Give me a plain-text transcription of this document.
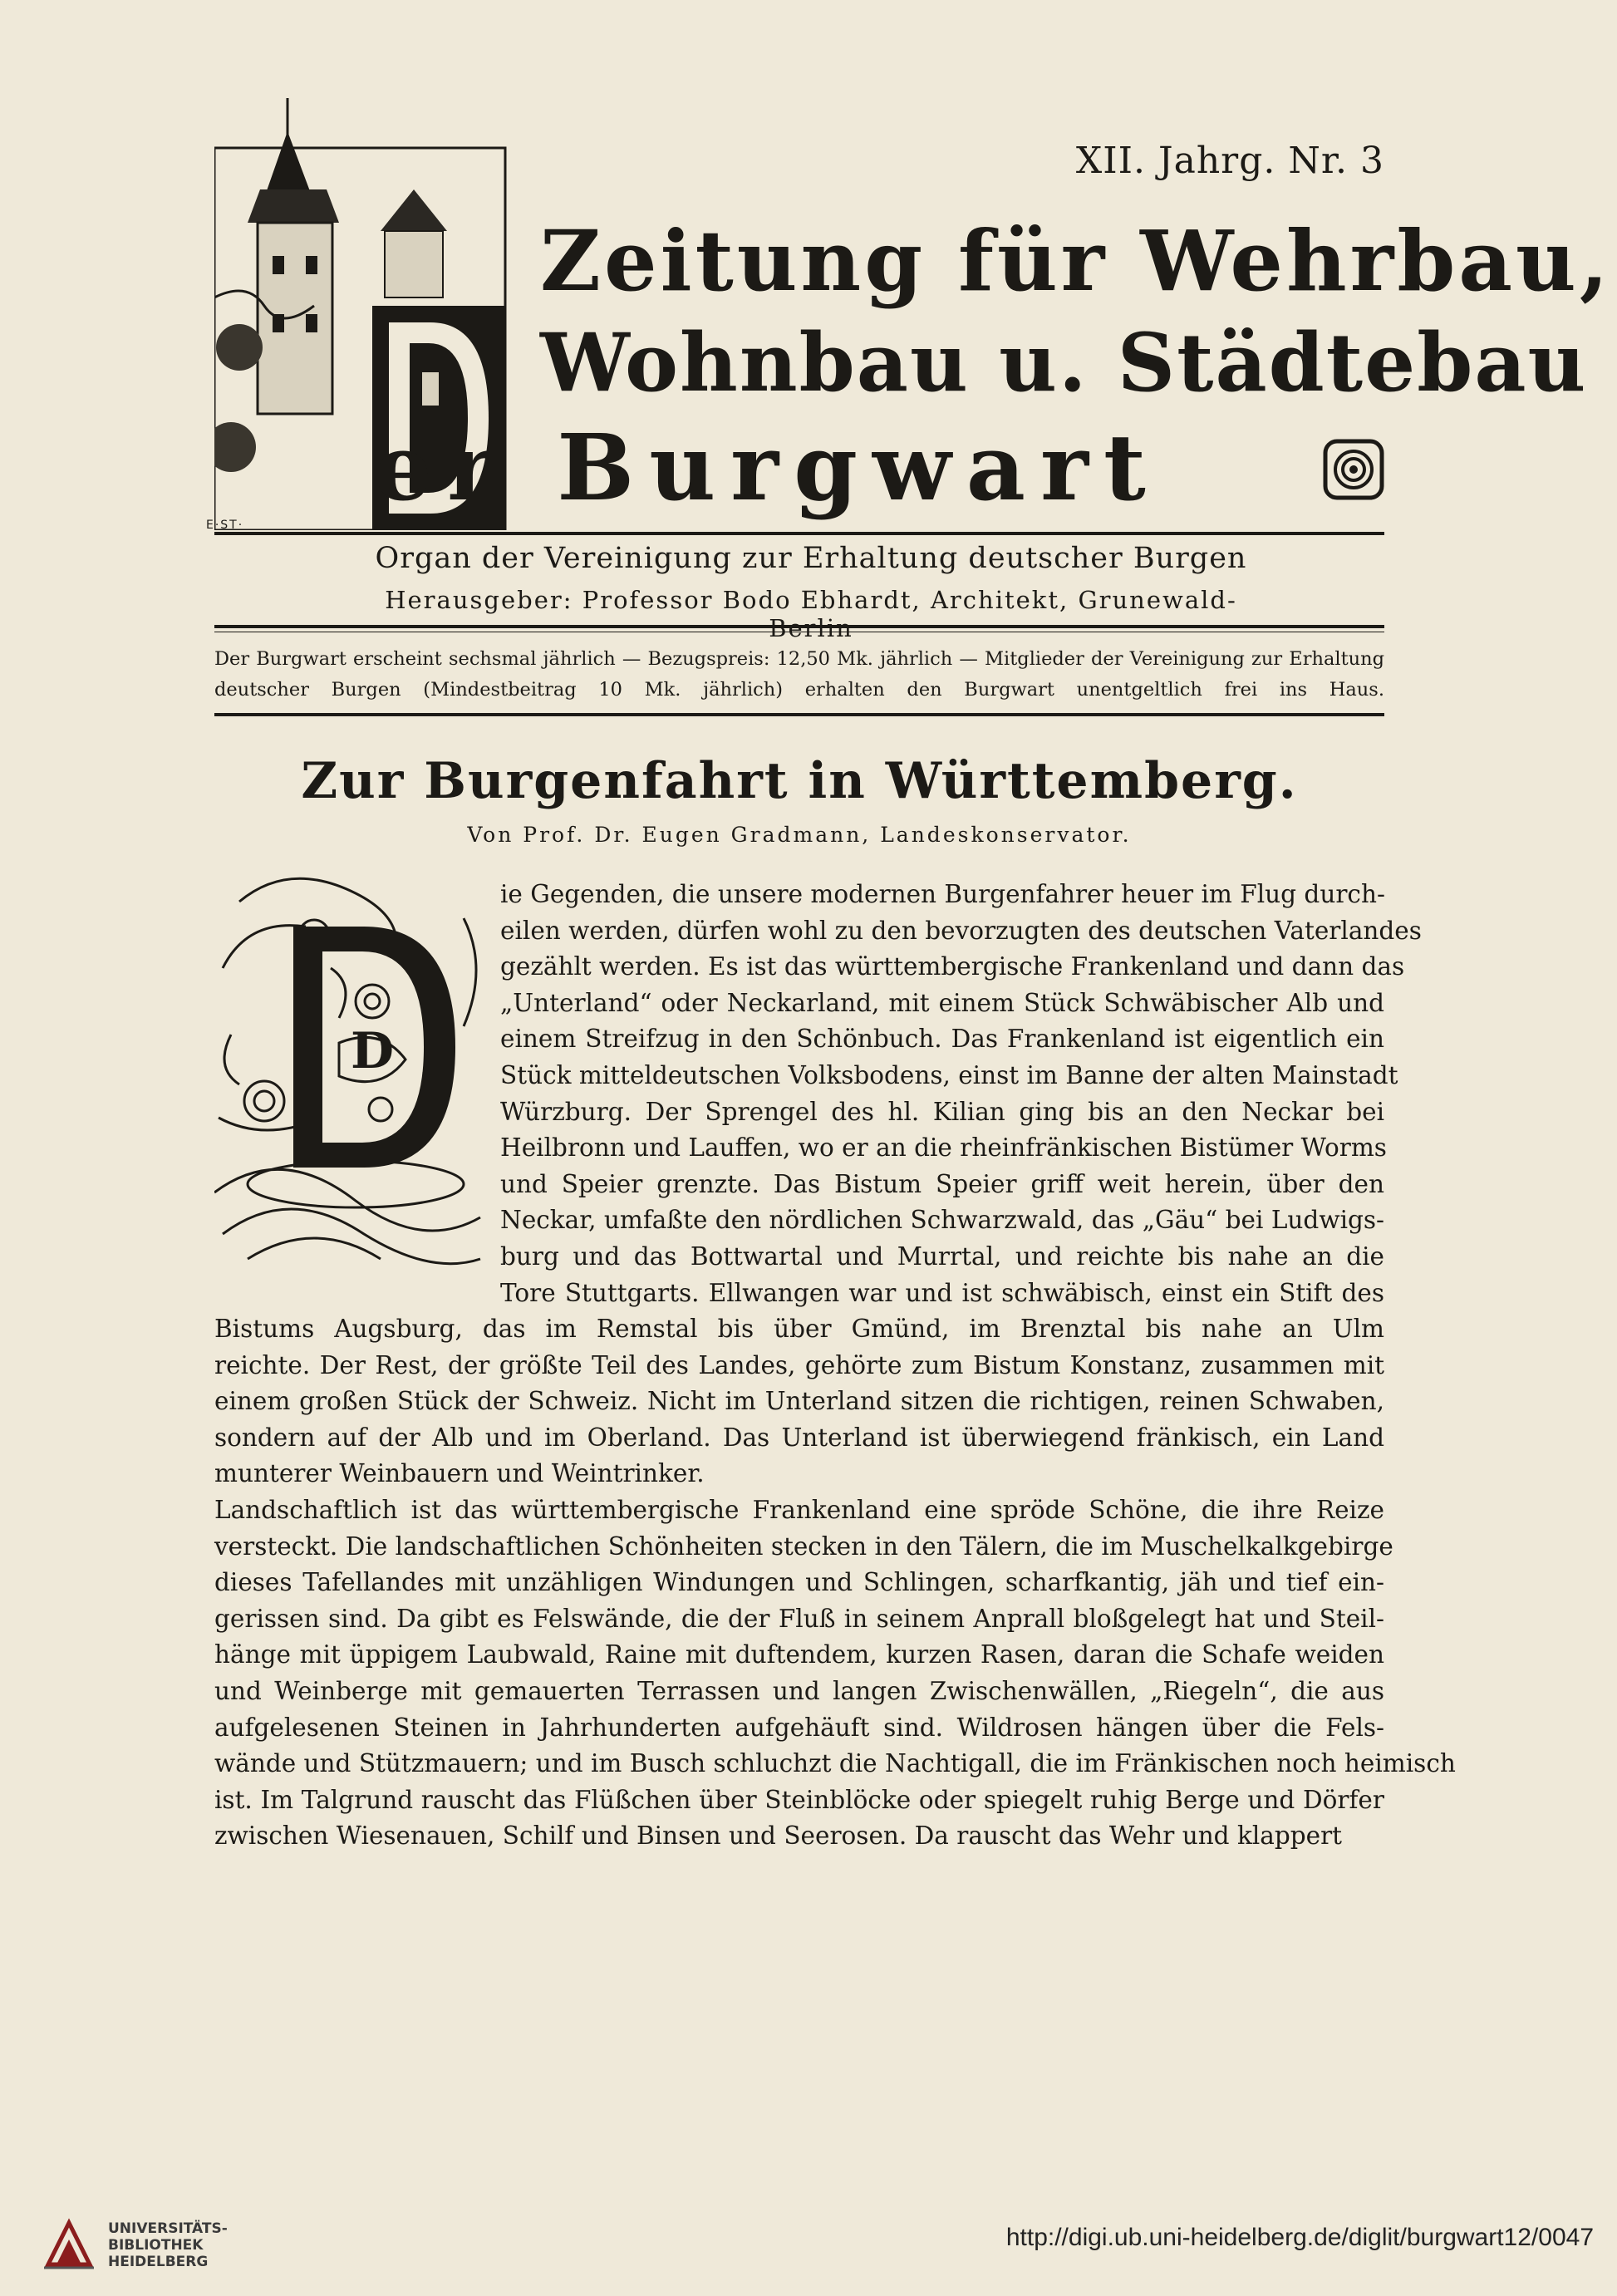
XII. Jahrg. Nr. 3
E·ST·
Zeitung für Wehrbau,
Wohnbau u. Städtebau
er Burgwart
Organ der Vereinigung zur Erhaltung deutscher Burgen
Herausgeber: Professor Bodo Ebhardt, Architekt, Grunewald-Berlin
Der Burgwart erscheint sechsmal jährlich — Bezugspreis: 12,50 Mk. jährlich — Mitglieder der Vereinigung zur Erhaltung deutscher Burgen (Mindestbeitrag 10 Mk. jährlich) erhalten den Burgwart unentgeltlich frei ins Haus.
Zur Burgenfahrt in Württemberg.
Von Prof. Dr. Eugen Gradmann, Landeskonservator.
D
ie Gegenden, die unsere modernen Burgenfahrer heuer im Flug durch-
eilen werden, dürfen wohl zu den bevorzugten des deutschen Vaterlandes
gezählt werden. Es ist das württembergische Frankenland und dann das
„Unterland“ oder Neckarland, mit einem Stück Schwäbischer Alb und
einem Streifzug in den Schönbuch. Das Frankenland ist eigentlich ein
Stück mitteldeutschen Volksbodens, einst im Banne der alten Mainstadt
Würzburg. Der Sprengel des hl. Kilian ging bis an den Neckar bei
Heilbronn und Lauffen, wo er an die rheinfränkischen Bistümer Worms
und Speier grenzte. Das Bistum Speier griff weit herein, über den
Neckar, umfaßte den nördlichen Schwarzwald, das „Gäu“ bei Ludwigs-
burg und das Bottwartal und Murrtal, und reichte bis nahe an die
Tore Stuttgarts. Ellwangen war und ist schwäbisch, einst ein Stift des
Bistums Augsburg, das im Remstal bis über Gmünd, im Brenztal bis nahe an Ulm
reichte. Der Rest, der größte Teil des Landes, gehörte zum Bistum Konstanz, zusammen mit
einem großen Stück der Schweiz. Nicht im Unterland sitzen die richtigen, reinen Schwaben,
sondern auf der Alb und im Oberland. Das Unterland ist überwiegend fränkisch, ein Land
munterer Weinbauern und Weintrinker.
Landschaftlich ist das württembergische Frankenland eine spröde Schöne, die ihre Reize
versteckt. Die landschaftlichen Schönheiten stecken in den Tälern, die im Muschelkalkgebirge
dieses Tafellandes mit unzähligen Windungen und Schlingen, scharfkantig, jäh und tief ein-
gerissen sind. Da gibt es Felswände, die der Fluß in seinem Anprall bloßgelegt hat und Steil-
hänge mit üppigem Laubwald, Raine mit duftendem, kurzen Rasen, daran die Schafe weiden
und Weinberge mit gemauerten Terrassen und langen Zwischenwällen, „Riegeln“, die aus
aufgelesenen Steinen in Jahrhunderten aufgehäuft sind. Wildrosen hängen über die Fels-
wände und Stützmauern; und im Busch schluchzt die Nachtigall, die im Fränkischen noch heimisch
ist. Im Talgrund rauscht das Flüßchen über Steinblöcke oder spiegelt ruhig Berge und Dörfer
zwischen Wiesenauen, Schilf und Binsen und Seerosen. Da rauscht das Wehr und klappert
UNIVERSITÄTS-
BIBLIOTHEK
HEIDELBERG
http://digi.ub.uni-heidelberg.de/diglit/burgwart12/0047
